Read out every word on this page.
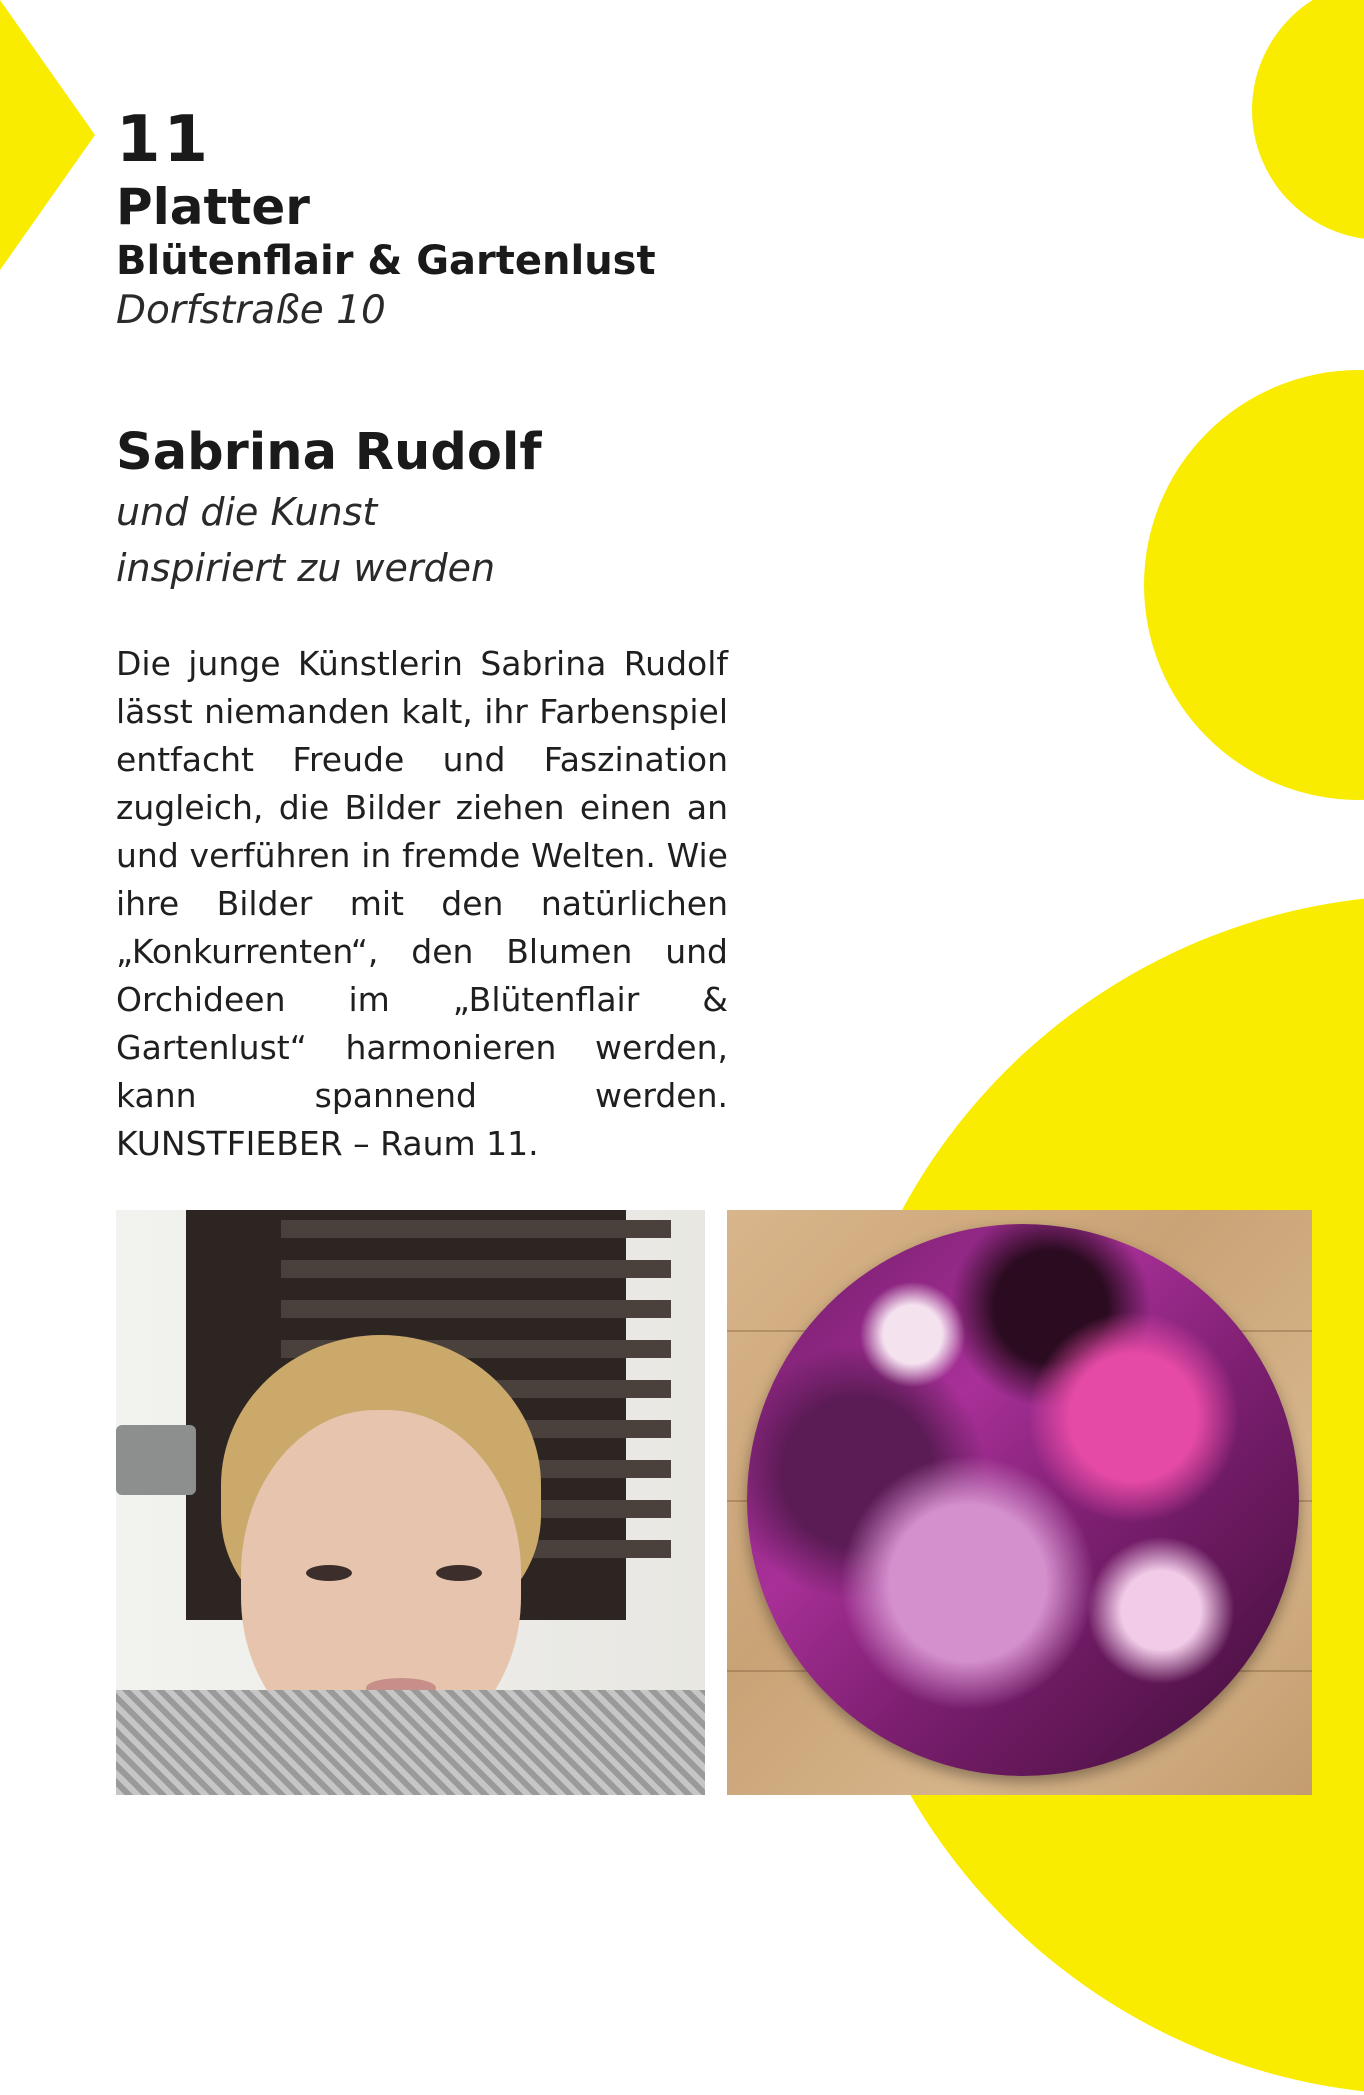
11

Platter

Blütenflair & Gartenlust

Dorfstraße 10

Sabrina Rudolf
und die Kunst
inspiriert zu werden

Die junge Künstlerin Sabrina Rudolf lässt niemanden kalt, ihr Farbenspiel entfacht Freude und Faszination zugleich, die Bilder ziehen einen an und verführen in fremde Welten. Wie ihre Bilder mit den natürlichen „Konkurrenten“, den Blumen und Orchideen im „Blütenflair & Gartenlust“ harmonieren werden, kann spannend werden. KUNSTFIEBER – Raum 11.
